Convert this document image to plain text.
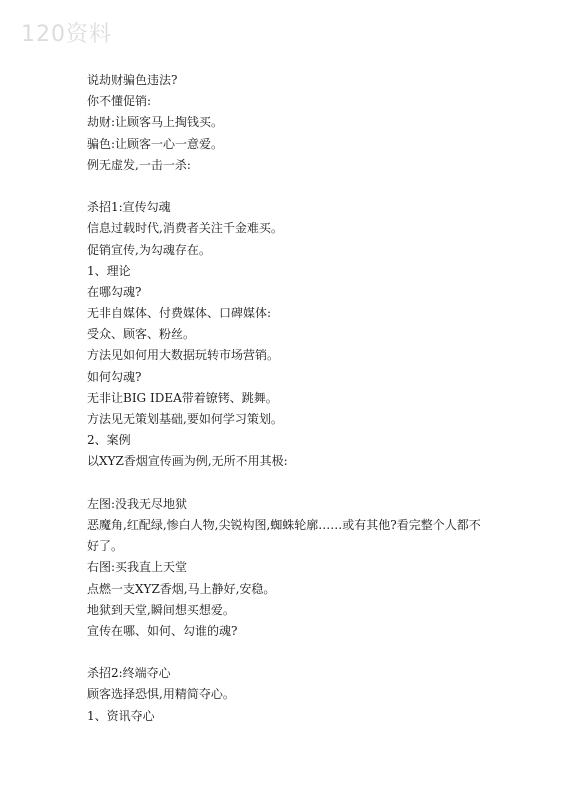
120资料
说劫财骗色违法?
你不懂促销:
劫财:让顾客马上掏钱买。
骗色:让顾客一心一意爱。
例无虚发,一击一杀:
杀招1:宣传勾魂
信息过载时代,消费者关注千金难买。
促销宣传,为勾魂存在。
1、理论
在哪勾魂?
无非自媒体、付费媒体、口碑媒体:
受众、顾客、粉丝。
方法见如何用大数据玩转市场营销。
如何勾魂?
无非让BIG IDEA带着镣铐、跳舞。
方法见无策划基础,要如何学习策划。
2、案例
以XYZ香烟宣传画为例,无所不用其极:
左图:没我无尽地狱
恶魔角,红配绿,惨白人物,尖锐构图,蜘蛛轮廓……或有其他?看完整个人都不好了。
右图:买我直上天堂
点燃一支XYZ香烟,马上静好,安稳。
地狱到天堂,瞬间想买想爱。
宣传在哪、如何、勾谁的魂?
杀招2:终端夺心
顾客选择恐惧,用精简夺心。
1、资讯夺心
